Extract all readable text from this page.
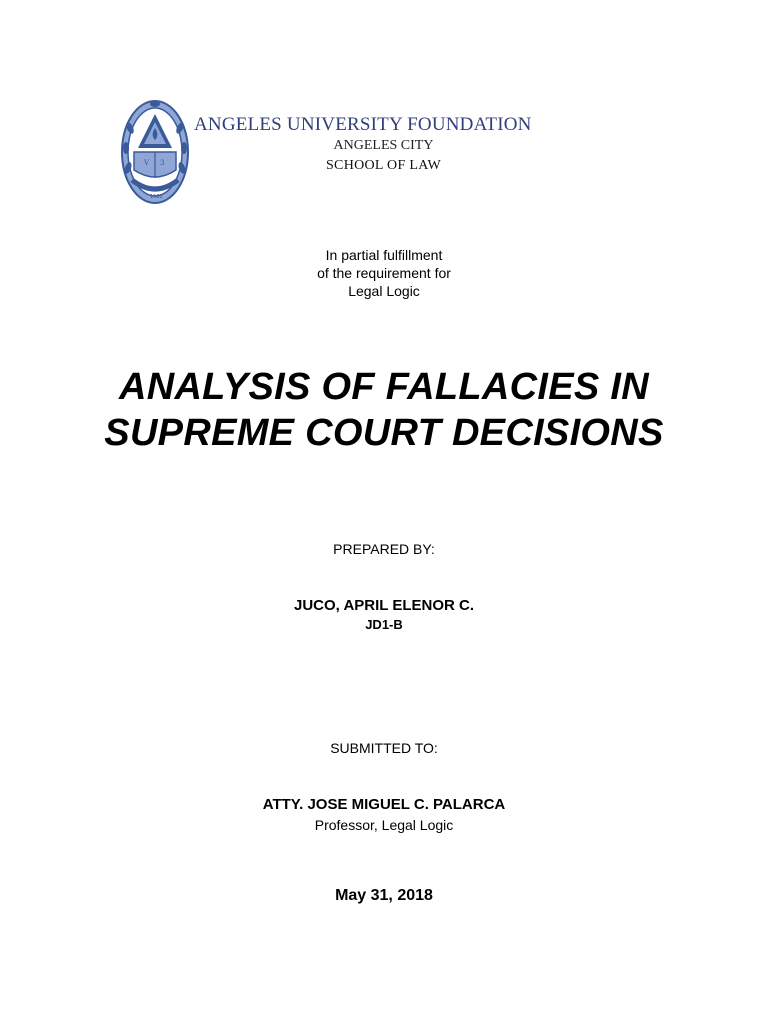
V 3
1962
ANGELES UNIVERSITY FOUNDATION
ANGELES CITY
SCHOOL OF LAW
In partial fulfillment
of the requirement for
Legal Logic
ANALYSIS OF FALLACIES IN
SUPREME COURT DECISIONS
PREPARED BY:
JUCO, APRIL ELENOR C.
JD1-B
SUBMITTED TO:
ATTY. JOSE MIGUEL C. PALARCA
Professor, Legal Logic
May 31, 2018
